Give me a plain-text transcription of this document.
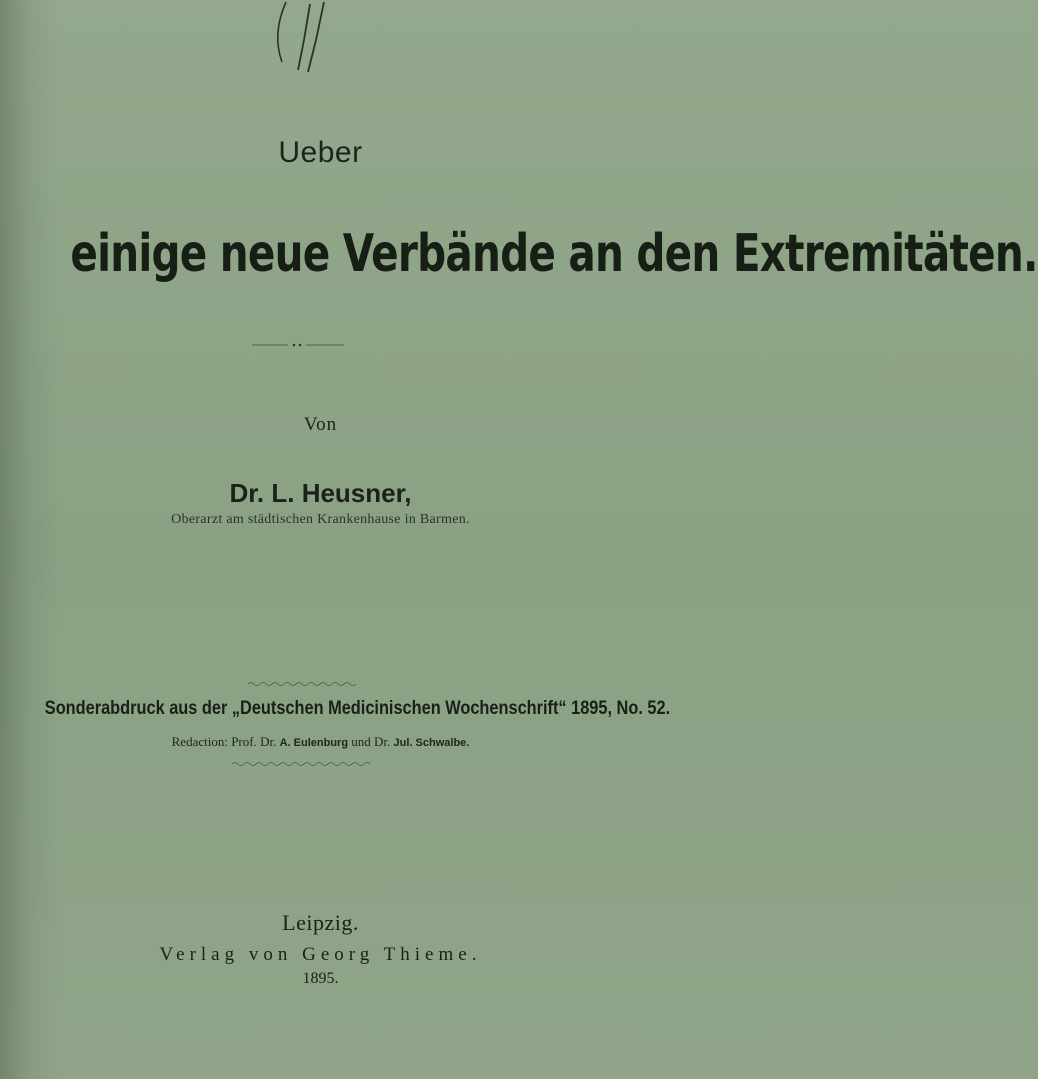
Ueber
einige neue Verbände an den Extremitäten.
Von
Dr. L. Heusner,
Oberarzt am städtischen Krankenhause in Barmen.
Sonderabdruck aus der „Deutschen Medicinischen Wochenschrift“ 1895, No. 52.
Redaction: Prof. Dr. A. Eulenburg und Dr. Jul. Schwalbe.
Leipzig.
Verlag von Georg Thieme.
1895.
